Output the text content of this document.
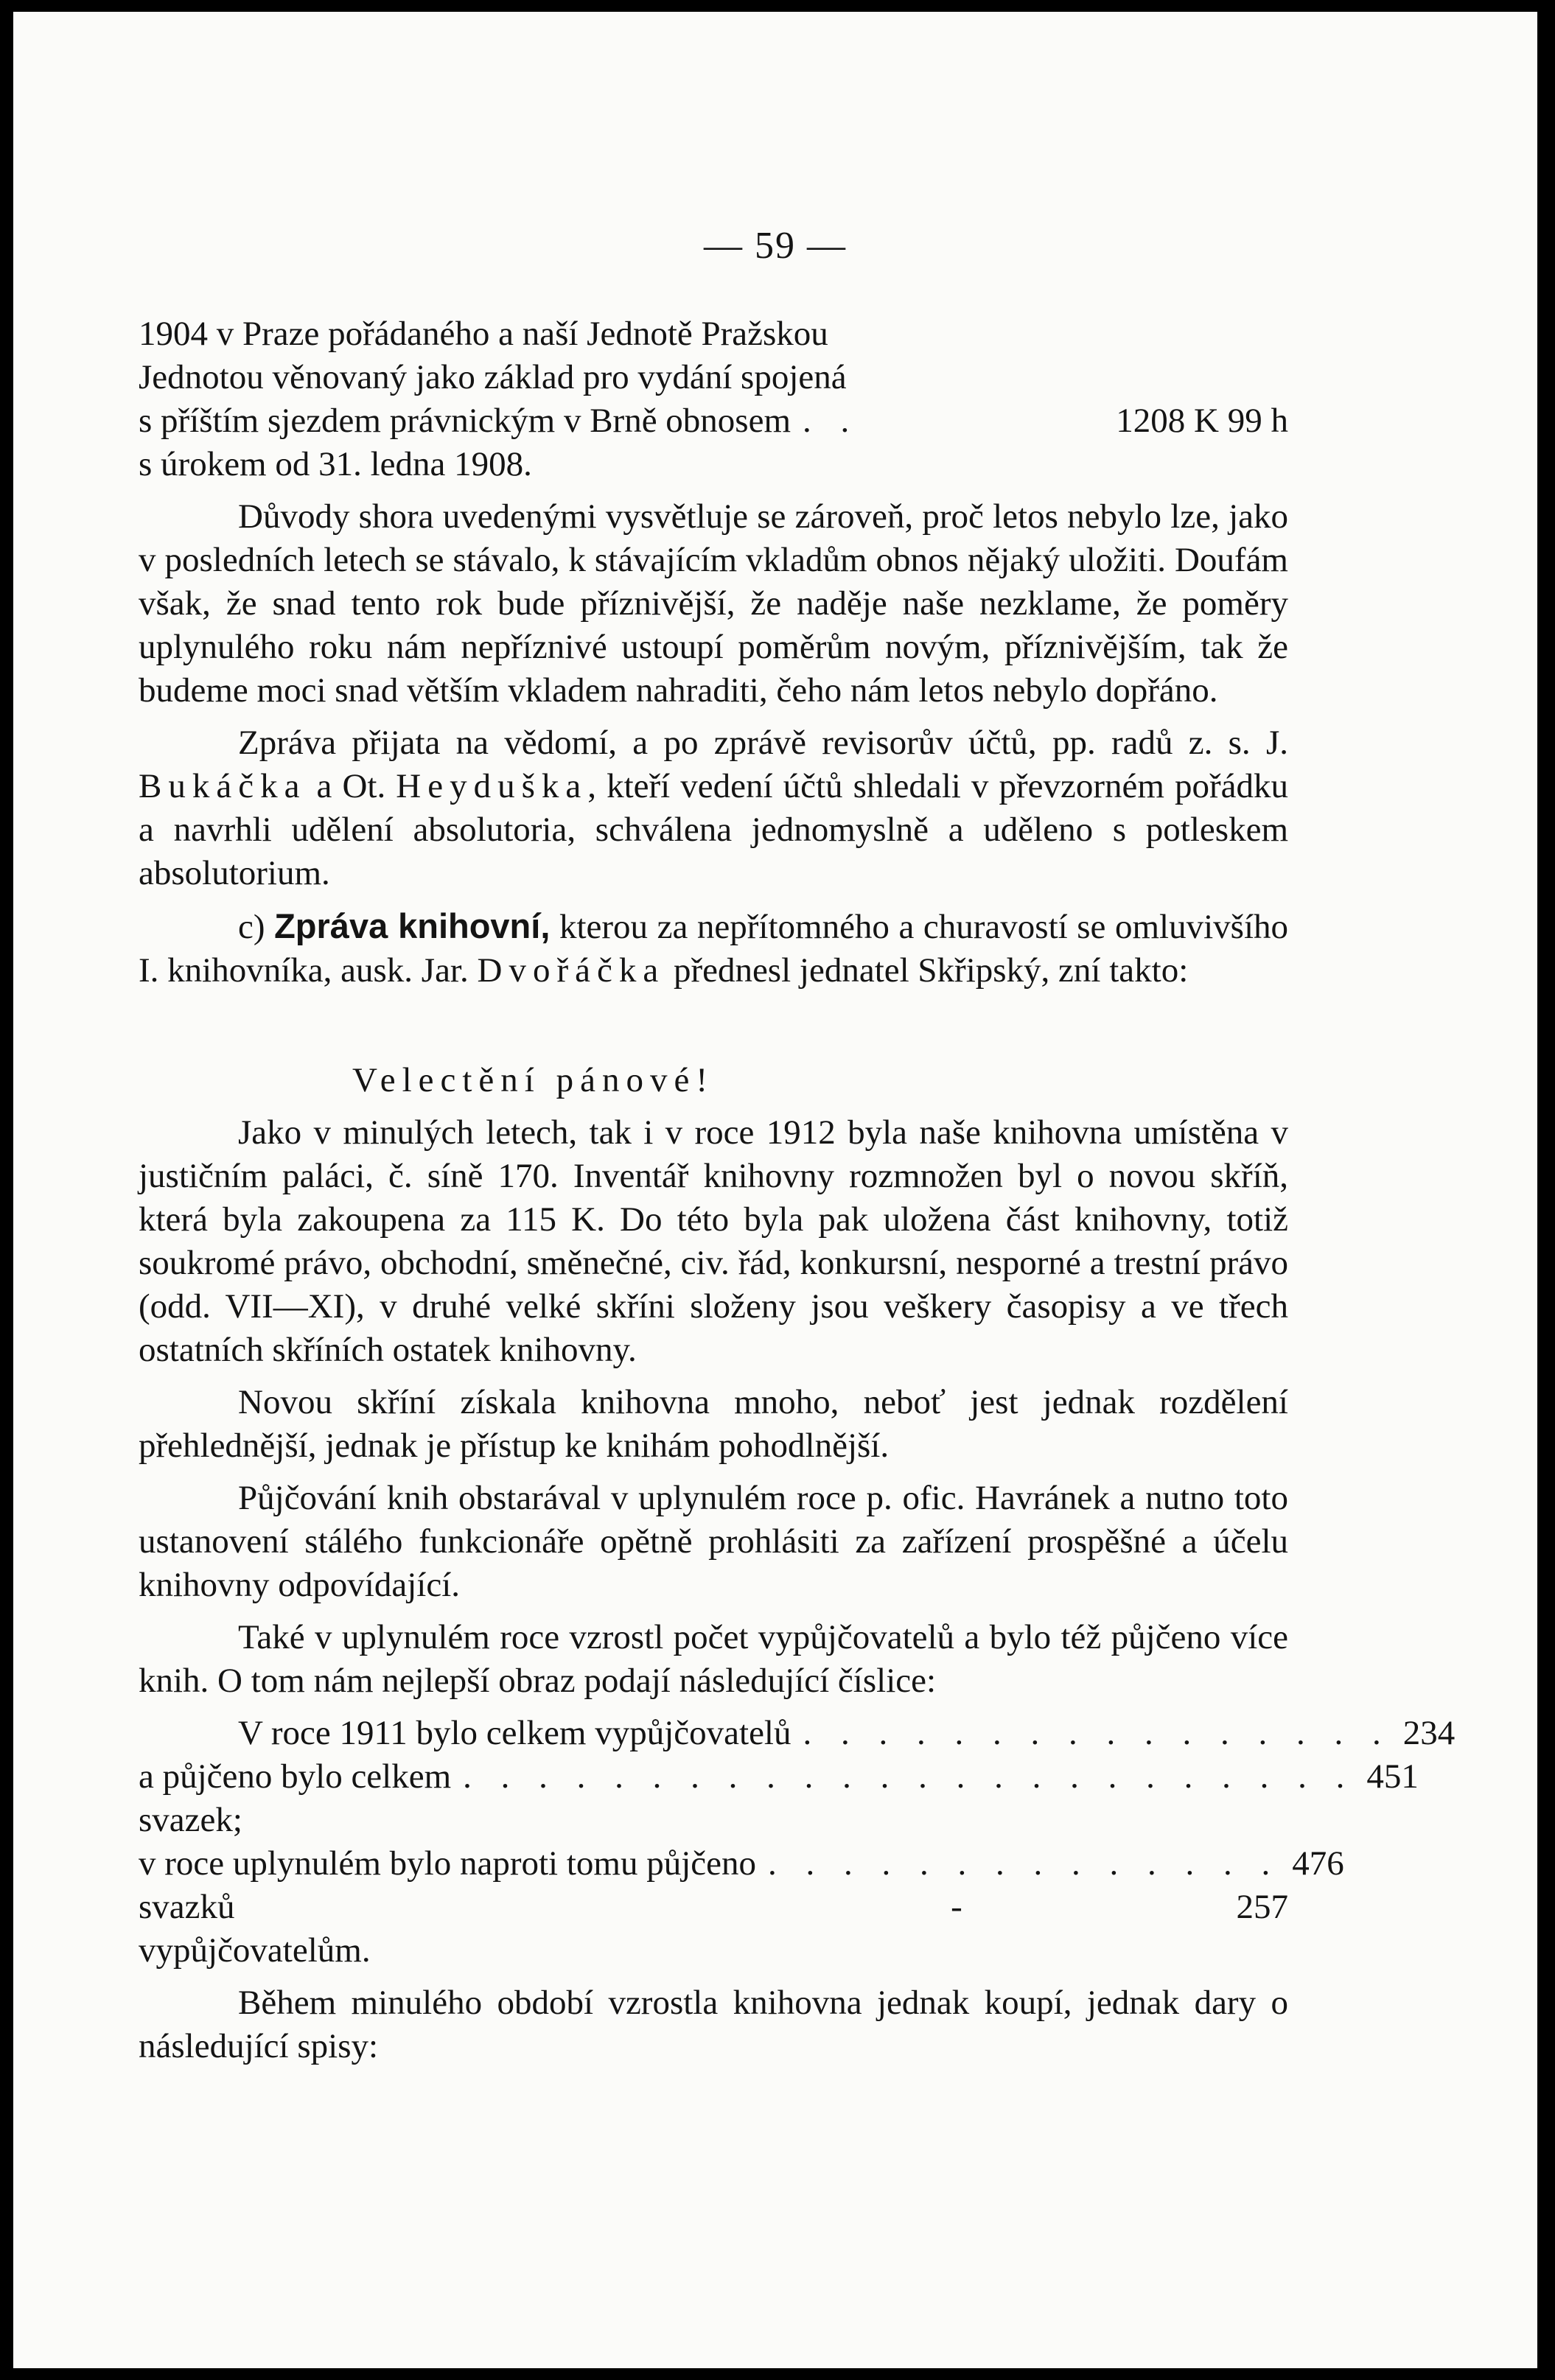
— 59 —
1904 v Praze pořádaného a naší Jednotě Pražskou
Jednotou věnovaný jako základ pro vydání spojená
s příštím sjezdem právnickým v Brně obnosem . .	1208 K 99 h

s úrokem od 31. ledna 1908.

Důvody shora uvedenými vysvětluje se zároveň, proč letos nebylo lze, jako v posledních letech se stávalo, k stávajícím vkladům obnos nějaký uložiti. Doufám však, že snad tento rok bude příznivější, že naděje naše nezklame, že poměry uplynulého roku nám nepříznivé ustoupí poměrům novým, příznivějším, tak že budeme moci snad větším vkladem nahraditi, čeho nám letos nebylo dopřáno.

Zpráva přijata na vědomí, a po zprávě revisorův účtů, pp. radů z. s. J. Bukáčka a Ot. Heyduška, kteří vedení účtů shledali v převzorném pořádku a navrhli udělení absolutoria, schválena jednomyslně a uděleno s potleskem absolutorium.

c) Zpráva knihovní, kterou za nepřítomného a churavostí se omluvivšího I. knihovníka, ausk. Jar. Dvořáčka přednesl jednatel Skřipský, zní takto:

Velectění pánové!

Jako v minulých letech, tak i v roce 1912 byla naše knihovna umístěna v justičním paláci, č. síně 170. Inventář knihovny rozmnožen byl o novou skříň, která byla zakoupena za 115 K. Do této byla pak uložena část knihovny, totiž soukromé právo, obchodní, směnečné, civ. řád, konkursní, nesporné a trestní právo (odd. VII—XI), v druhé velké skříni složeny jsou veškery časopisy a ve třech ostatních skříních ostatek knihovny.

Novou skříní získala knihovna mnoho, neboť jest jednak rozdělení přehlednější, jednak je přístup ke knihám pohodlnější.

Půjčování knih obstarával v uplynulém roce p. ofic. Havránek a nutno toto ustanovení stálého funkcionáře opětně prohlásiti za zařízení prospěšné a účelu knihovny odpovídající.

Také v uplynulém roce vzrostl počet vypůjčovatelů a bylo též půjčeno více knih. O tom nám nejlepší obraz podají následující číslice:

V roce 1911 bylo celkem vypůjčovatelů . . . . . . . . . . . . . . . . 234
a půjčeno bylo celkem . . . . . . . . . . . . . . . . . . . . . . . . 451
svazek;
v roce uplynulém bylo naproti tomu půjčeno . . . . . . . . . . . . . . 476
svazků	-	257

vypůjčovatelům.

Během minulého období vzrostla knihovna jednak koupí, jednak dary o následující spisy:
